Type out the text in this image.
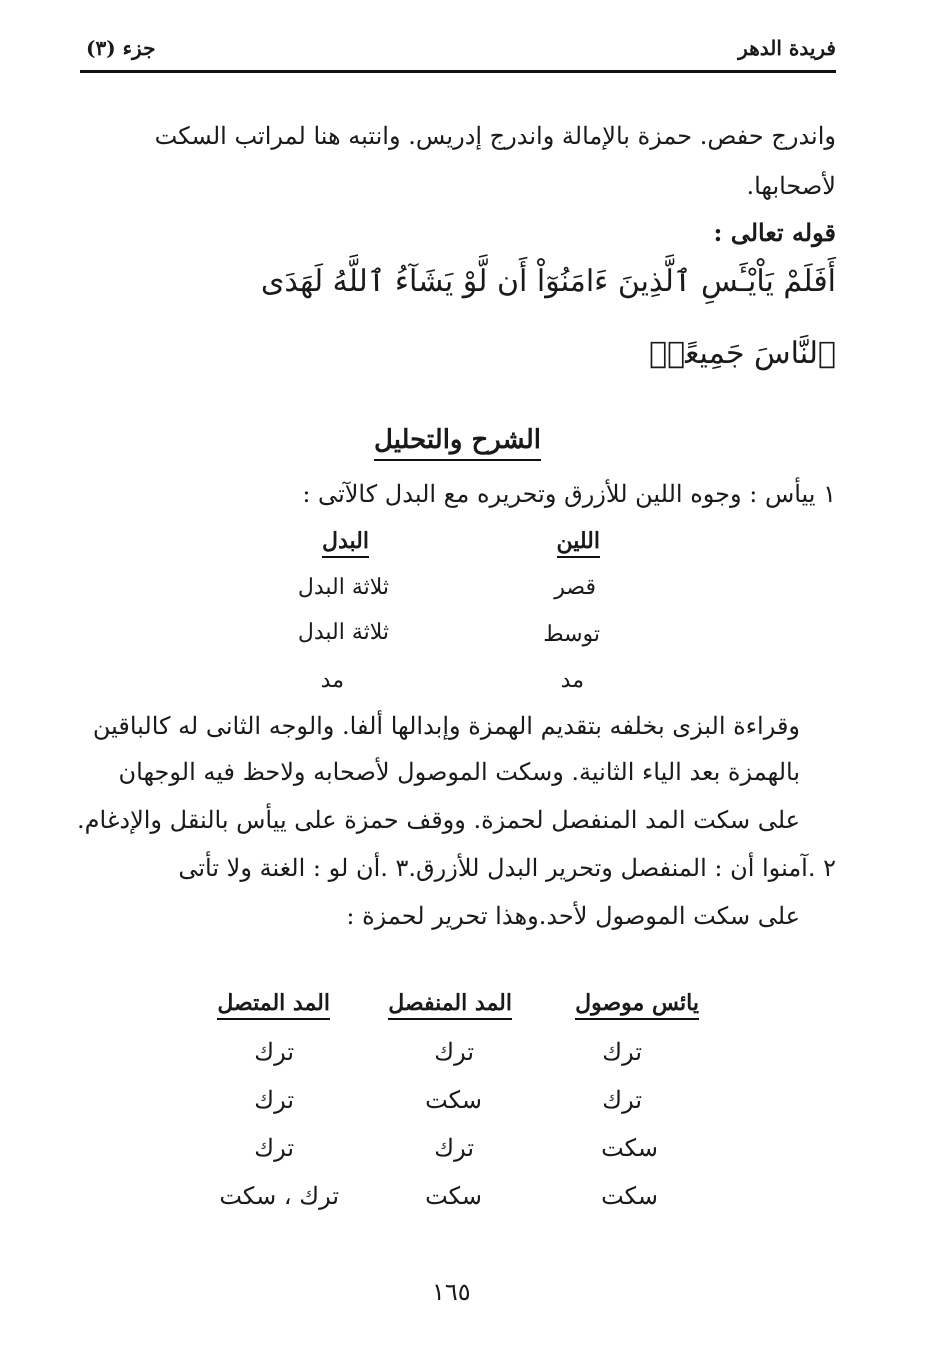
فريدة الدهر
جزء (٣)
واندرج حفص. حمزة بالإمالة واندرج إدريس. وانتبه هنا لمراتب السكت
لأصحابها.
قوله تعالى :
أَفَلَمْ يَاْيْـَٔسِ ٱلَّذِينَ ءَامَنُوٓاْ أَن لَّوْ يَشَآءُ ٱللَّهُ لَهَدَى
ٱلنَّاسَ جَمِيعًاۗ
الشرح والتحليل
١ ييأس : وجوه اللين للأزرق وتحريره مع البدل كالآتى :
اللين
البدل
قصر
ثلاثة البدل
توسط
ثلاثة البدل
مد
مد
وقراءة البزى بخلفه بتقديم الهمزة وإبدالها ألفا. والوجه الثانى له كالباقين
بالهمزة بعد الياء الثانية. وسكت الموصول لأصحابه ولاحظ فيه الوجهان
على سكت المد المنفصل لحمزة. ووقف حمزة على ييأس بالنقل والإدغام.
٢ .آمنوا أن : المنفصل وتحرير البدل للأزرق.٣ .أن لو : الغنة ولا تأتى
على سكت الموصول لأحد.وهذا تحرير لحمزة :
يائس موصول
المد المنفصل
المد المتصل
ترك
ترك
ترك
ترك
سكت
ترك
سكت
ترك
ترك
سكت
سكت
ترك ، سكت
١٦٥
